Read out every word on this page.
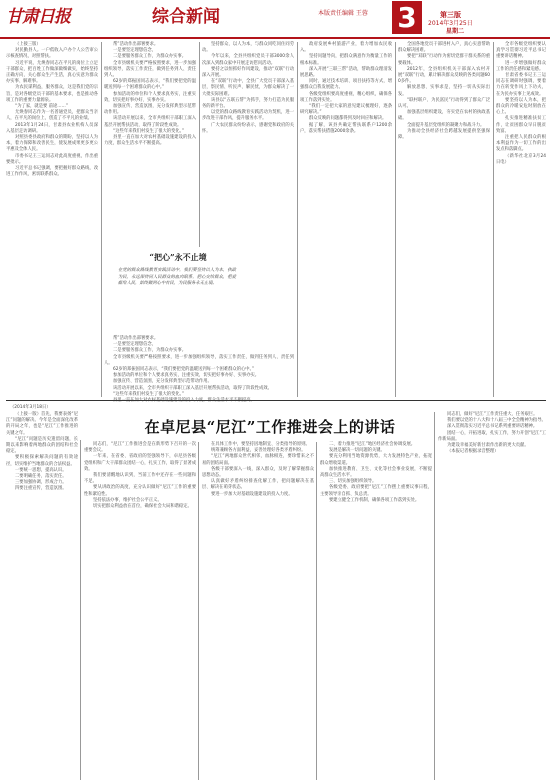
甘肃日报	综合新闻	本版责任编辑 王蓉 3	第三版
2014年3月25日
星期二

（上接三版）

对民勤县人。一户低收入户办个人公告审公示核查情况，对照帮扶。

习近平说，尤焕春同志在平凡的岗位上立足干部群众，把百姓工作做深做细做实，始终坚持正确方向，关心群众生产生活，真心实意为群众办实事、解难事。

为农民谋利益，服务群众，这是我们党的宗旨，是对各级党员干部的基本要求，也是推动各项工作的重要力量源泉。

“为了家，就是要 前途……”

尤焕春同志作为一名普通党员，把群众当亲人，在平凡的岗位上，创造了不平凡的业绩。

2013年1月24日，甘肃县农业机构人员深入基层走访调研。

对照县委县政府和群众的期盼，坚持以人为本，着力保障和改善民生，使发展成果更多更公平惠及全体人民。

市委书记王三运同志对此高度重视，作出重要批示。

习近平总书记强调，要把握好群众路线，改进工作作风，密切联系群众。

帮”活动作出部署要求。

一是要坚定理想信念，

二是要服务群众工作，为群众办实事。

全市县级机关要严格按照要求，进一步加强组织领导，落实工作责任，做到任务到人、责任到人。

62岁的郑振国同志表示，“我们要把党的温暖送到每一个困难群众的心中。”

参加活动的单位和个人要求真务实，注重实效，切实把好事办好、实事办实。

加强宣传、营造氛围，充分发挥典型示范带动作用。

该活动开展以来，全市共组织干部职工深入基层开展帮扶活动，取得了阶段性成效。

“这些年来我们村发生了很大的变化。”

县里一直在加大对农村基础设施建设的投入力度，群众生活水平不断提高。

坚持群众、以人为本，与群众同吃同住同劳动。

今年以来，全县共组织党员干部3000余人次深入到群众家中开展走访慰问活动。

要持之以恒抓好作风建设，推动“双联”行动深入开展。

在“双联”行动中，全县广大党员干部深入基层，察民情、听民声、解民忧，为群众解决了一大批实际困难。

该县以“五联五帮”为抓手，努力打造为民服务的新平台。

以党的群众路线教育实践活动为契机，进一步改进干部作风，提升服务水平。

广大农民群众纷纷表示，感谢党和政府的关怀。

“把心”永不止境
在党的群众路线教育实践活动中，我们要坚持以人为本，执政为民，永远保持同人民群众的血肉联系，把心交给群众，把爱献给人民，始终做到心中有民，为民服务永无止境。

帮”活动作出部署要求。

一是要坚定理想信念，

二是要服务群众工作，为群众办实事。

全市县级机关要严格按照要求，进一步加强组织领导，落实工作责任，做到任务到人、责任到人。

62岁的郑振国同志表示，“我们要把党的温暖送到每一个困难群众的心中。”

参加活动的单位和个人要求真务实，注重实效，切实把好事办好、实事办实。

加强宣传、营造氛围，充分发挥典型示范带动作用。

该活动开展以来，全市共组织干部职工深入基层开展帮扶活动，取得了阶段性成效。

“这些年来我们村发生了很大的变化。”

政府发展乡村旅游产业，着力增加农民收入。

坚持问题导向，把群众满意作为衡量工作的根本标准。

深入开展“三联三帮”活动，帮助群众理清发展思路。

同时，通过技术培训、项目扶持等方式，增强群众自我发展能力。

各级党组织要高度重视，精心组织，确保各项工作落到实处。

“我们一定把大家的意见建议梳理好，逐条研究解决。”

群众反映的问题都得到及时回应和解决。

据了解，该县共确定帮扶联系户1200余户，落实帮扶措施2000余条。

全国各地党员干部进村入户，真心实意帮助群众解决困难。

要把“双联”行动作为密切党群干群关系的重要载体。

2012年，全县组织机关干部深入农村开展“双联”行动，累计解决群众反映的各类问题600多件。

解放思想、实事求是，坚持一切从实际出发。

“联村联户、为民富民”行动得到了群众广泛认可。

加强基层组织建设，夯实党在农村的执政基础。

全面提升基层党组织的凝聚力和战斗力。

为推动全县经济社会跨越发展提供坚强保障。

全市各级党组织要认真学习贯彻习近平总书记重要讲话精神。

进一步增强做好群众工作的责任感和紧迫感。

甘肃省委书记王三运同志在调研时强调，要着力在转变作风上下功夫，在为民办实事上见成效。

要坚持以人为本，把群众的冷暖安危时刻放在心上。

扎实推进精准扶贫工作，让贫困群众早日脱贫致富。

注重把人民群众的根本利益作为一切工作的出发点和落脚点。

（新华社北京3月24日电）

（2014年3月18日）
在卓尼县“尼江”工作推进会上的讲话

（上接一版）首先，我要表扬“尼江”问题的解决。今年是全面深化改革的开局之年，也是“尼江”工作推进的关键之年。

“尼江”问题是历史遗留问题，长期以来影响着两地群众的团结和社会稳定。

要积极探索解决问题的有效途径，切实维护当地群众的合法权益。

一要统一思想，提高认识。

二要明确任务，落实责任。

三要加强协调，形成合力。

四要注重宣传，营造氛围。

同志们，“尼江”工作推进会是在新形势下召开的一次重要会议。

一年来，在省委、省政府的坚强领导下，卓尼县各级党组织和广大干部群众团结一心，扎实工作，取得了显著成效。

我们要清醒地认识到，当前工作中还存在一些问题和不足。

要从讲政治的高度，充分认识做好“尼江”工作的重要性和紧迫性。

坚持依法办事，维护社会公平正义。

切实把群众利益放在首位，确保社会大局和谐稳定。

在具体工作中，要坚持因地制宜、分类指导的原则。

统筹兼顾各方面利益，妥善处理好各类矛盾纠纷。

“尼江”两地群众世代相邻，血脉相连，要珍惜来之不易的团结局面。

各级干部要深入一线，深入群众，及时了解掌握群众思想动态。

认真做好矛盾纠纷排查化解工作，把问题解决在基层、解决在萌芽状态。

要进一步加大对基础设施建设的投入力度。

二、着力推进“尼江”地区经济社会协调发展。

发展是解决一切问题的关键。

要充分利用当地资源优势，大力发展特色产业，拓宽群众增收渠道。

加快推进教育、卫生、文化等社会事业发展，不断提高群众生活水平。

三、切实加强组织领导。

各级党委、政府要把“尼江”工作摆上重要议事日程，主要领导亲自抓、负总责。

要建立健全工作机制，确保各项工作落到实处。

同志们，做好“尼江”工作责任重大、任务艰巨。

我们要以党的十八大和十八届三中全会精神为指导。

深入贯彻落实习近平总书记系列重要讲话精神。

团结一心，开拓进取，扎实工作，努力开创“尼江”工作新局面。

为建设幸福美好新甘肃作出新的更大贡献。

（本报记者根据录音整理）
